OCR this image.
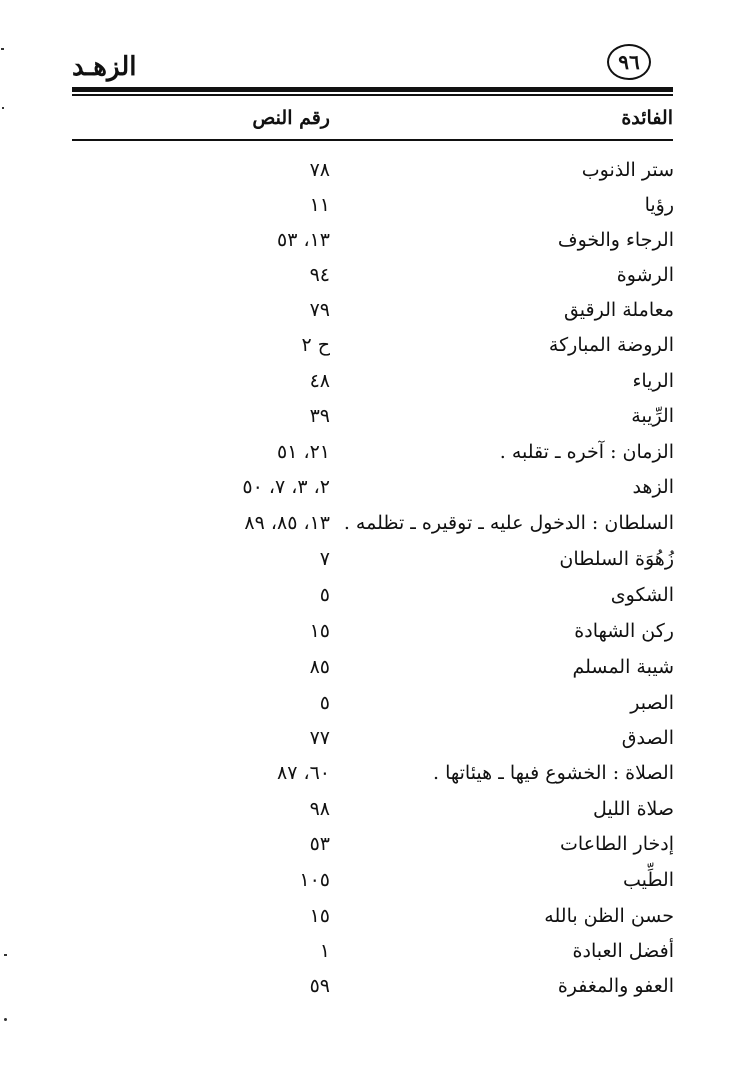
٩٦
الزهـد
الفائدة
رقم النص
ستر الذنوب
٧٨
رؤيا
١١
الرجاء والخوف
١٣، ٥٣
الرشوة
٩٤
معاملة الرقيق
٧٩
الروضة المباركة
ح ٢
الرياء
٤٨
الرِّيبة
٣٩
الزمان : آخره ـ تقلبه .
٢١، ٥١
الزهد
٢، ٣، ٧، ٥٠
السلطان : الدخول عليه ـ توقيره ـ تظلمه .
١٣، ٨٥، ٨٩
زُهُوَة السلطان
٧
الشكوى
٥
ركن الشهادة
١٥
شيبة المسلم
٨٥
الصبر
٥
الصدق
٧٧
الصلاة : الخشوع فيها ـ هيئاتها .
٦٠، ٨٧
صلاة الليل
٩٨
إدخار الطاعات
٥٣
الطِّيب
١٠٥
حسن الظن بالله
١٥
أفضل العبادة
١
العفو والمغفرة
٥٩
